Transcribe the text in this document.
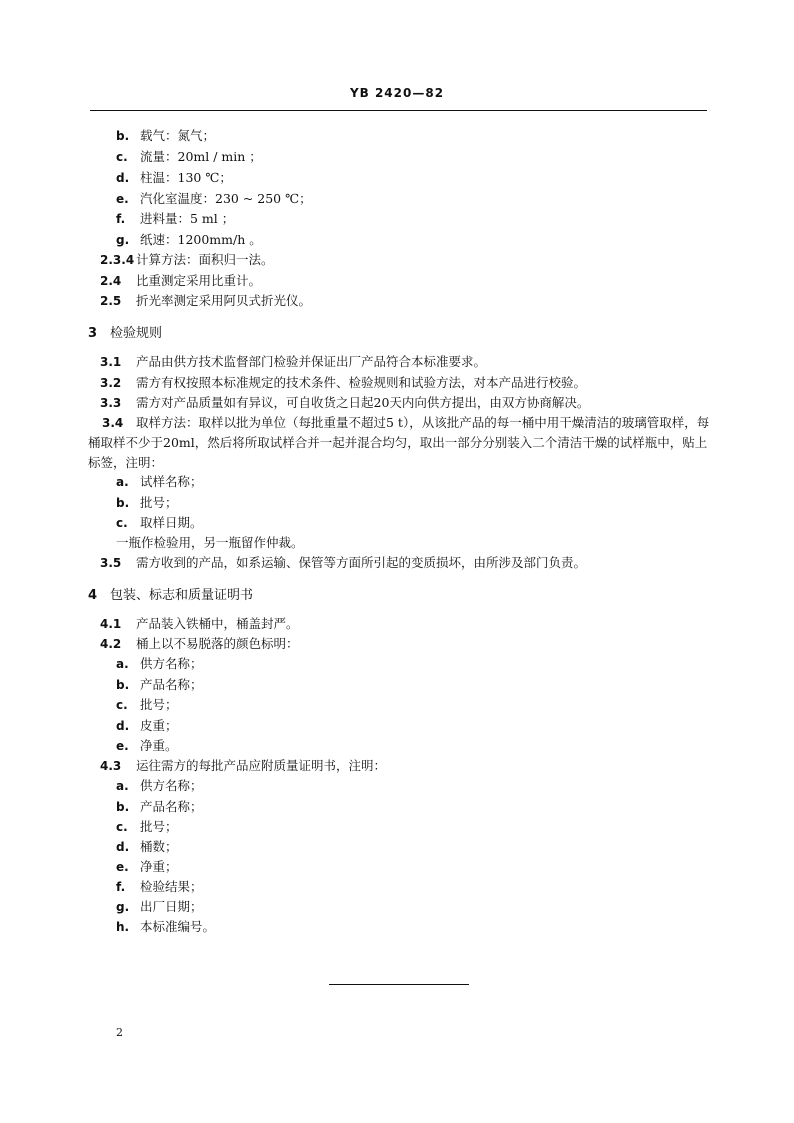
YB 2420—82
b. 载气：氮气；
c. 流量：20ml / min ；
d. 柱温：130 ℃；
e. 汽化室温度：230 ~ 250 ℃；
f. 进料量：5 ml ；
g. 纸速：1200mm/h 。
2.3.4 计算方法：面积归一法。
2.4 比重测定采用比重计。
2.5 折光率测定采用阿贝式折光仪。
3 检验规则
3.1 产品由供方技术监督部门检验并保证出厂产品符合本标准要求。
3.2 需方有权按照本标准规定的技术条件、检验规则和试验方法，对本产品进行校验。
3.3 需方对产品质量如有异议，可自收货之日起20天内向供方提出，由双方协商解决。
3.4 取样方法：取样以批为单位（每批重量不超过5 t），从该批产品的每一桶中用干燥清洁的玻璃管取样，每桶取样不少于20ml，然后将所取试样合并一起并混合均匀，取出一部分分别装入二个清洁干燥的试样瓶中，贴上标签，注明：
a. 试样名称；
b. 批号；
c. 取样日期。
一瓶作检验用，另一瓶留作仲裁。
3.5 需方收到的产品，如系运输、保管等方面所引起的变质损坏，由所涉及部门负责。
4 包装、标志和质量证明书
4.1 产品装入铁桶中，桶盖封严。
4.2 桶上以不易脱落的颜色标明：
a. 供方名称；
b. 产品名称；
c. 批号；
d. 皮重；
e. 净重。
4.3 运往需方的每批产品应附质量证明书，注明：
a. 供方名称；
b. 产品名称；
c. 批号；
d. 桶数；
e. 净重；
f. 检验结果；
g. 出厂日期；
h. 本标准编号。
2
